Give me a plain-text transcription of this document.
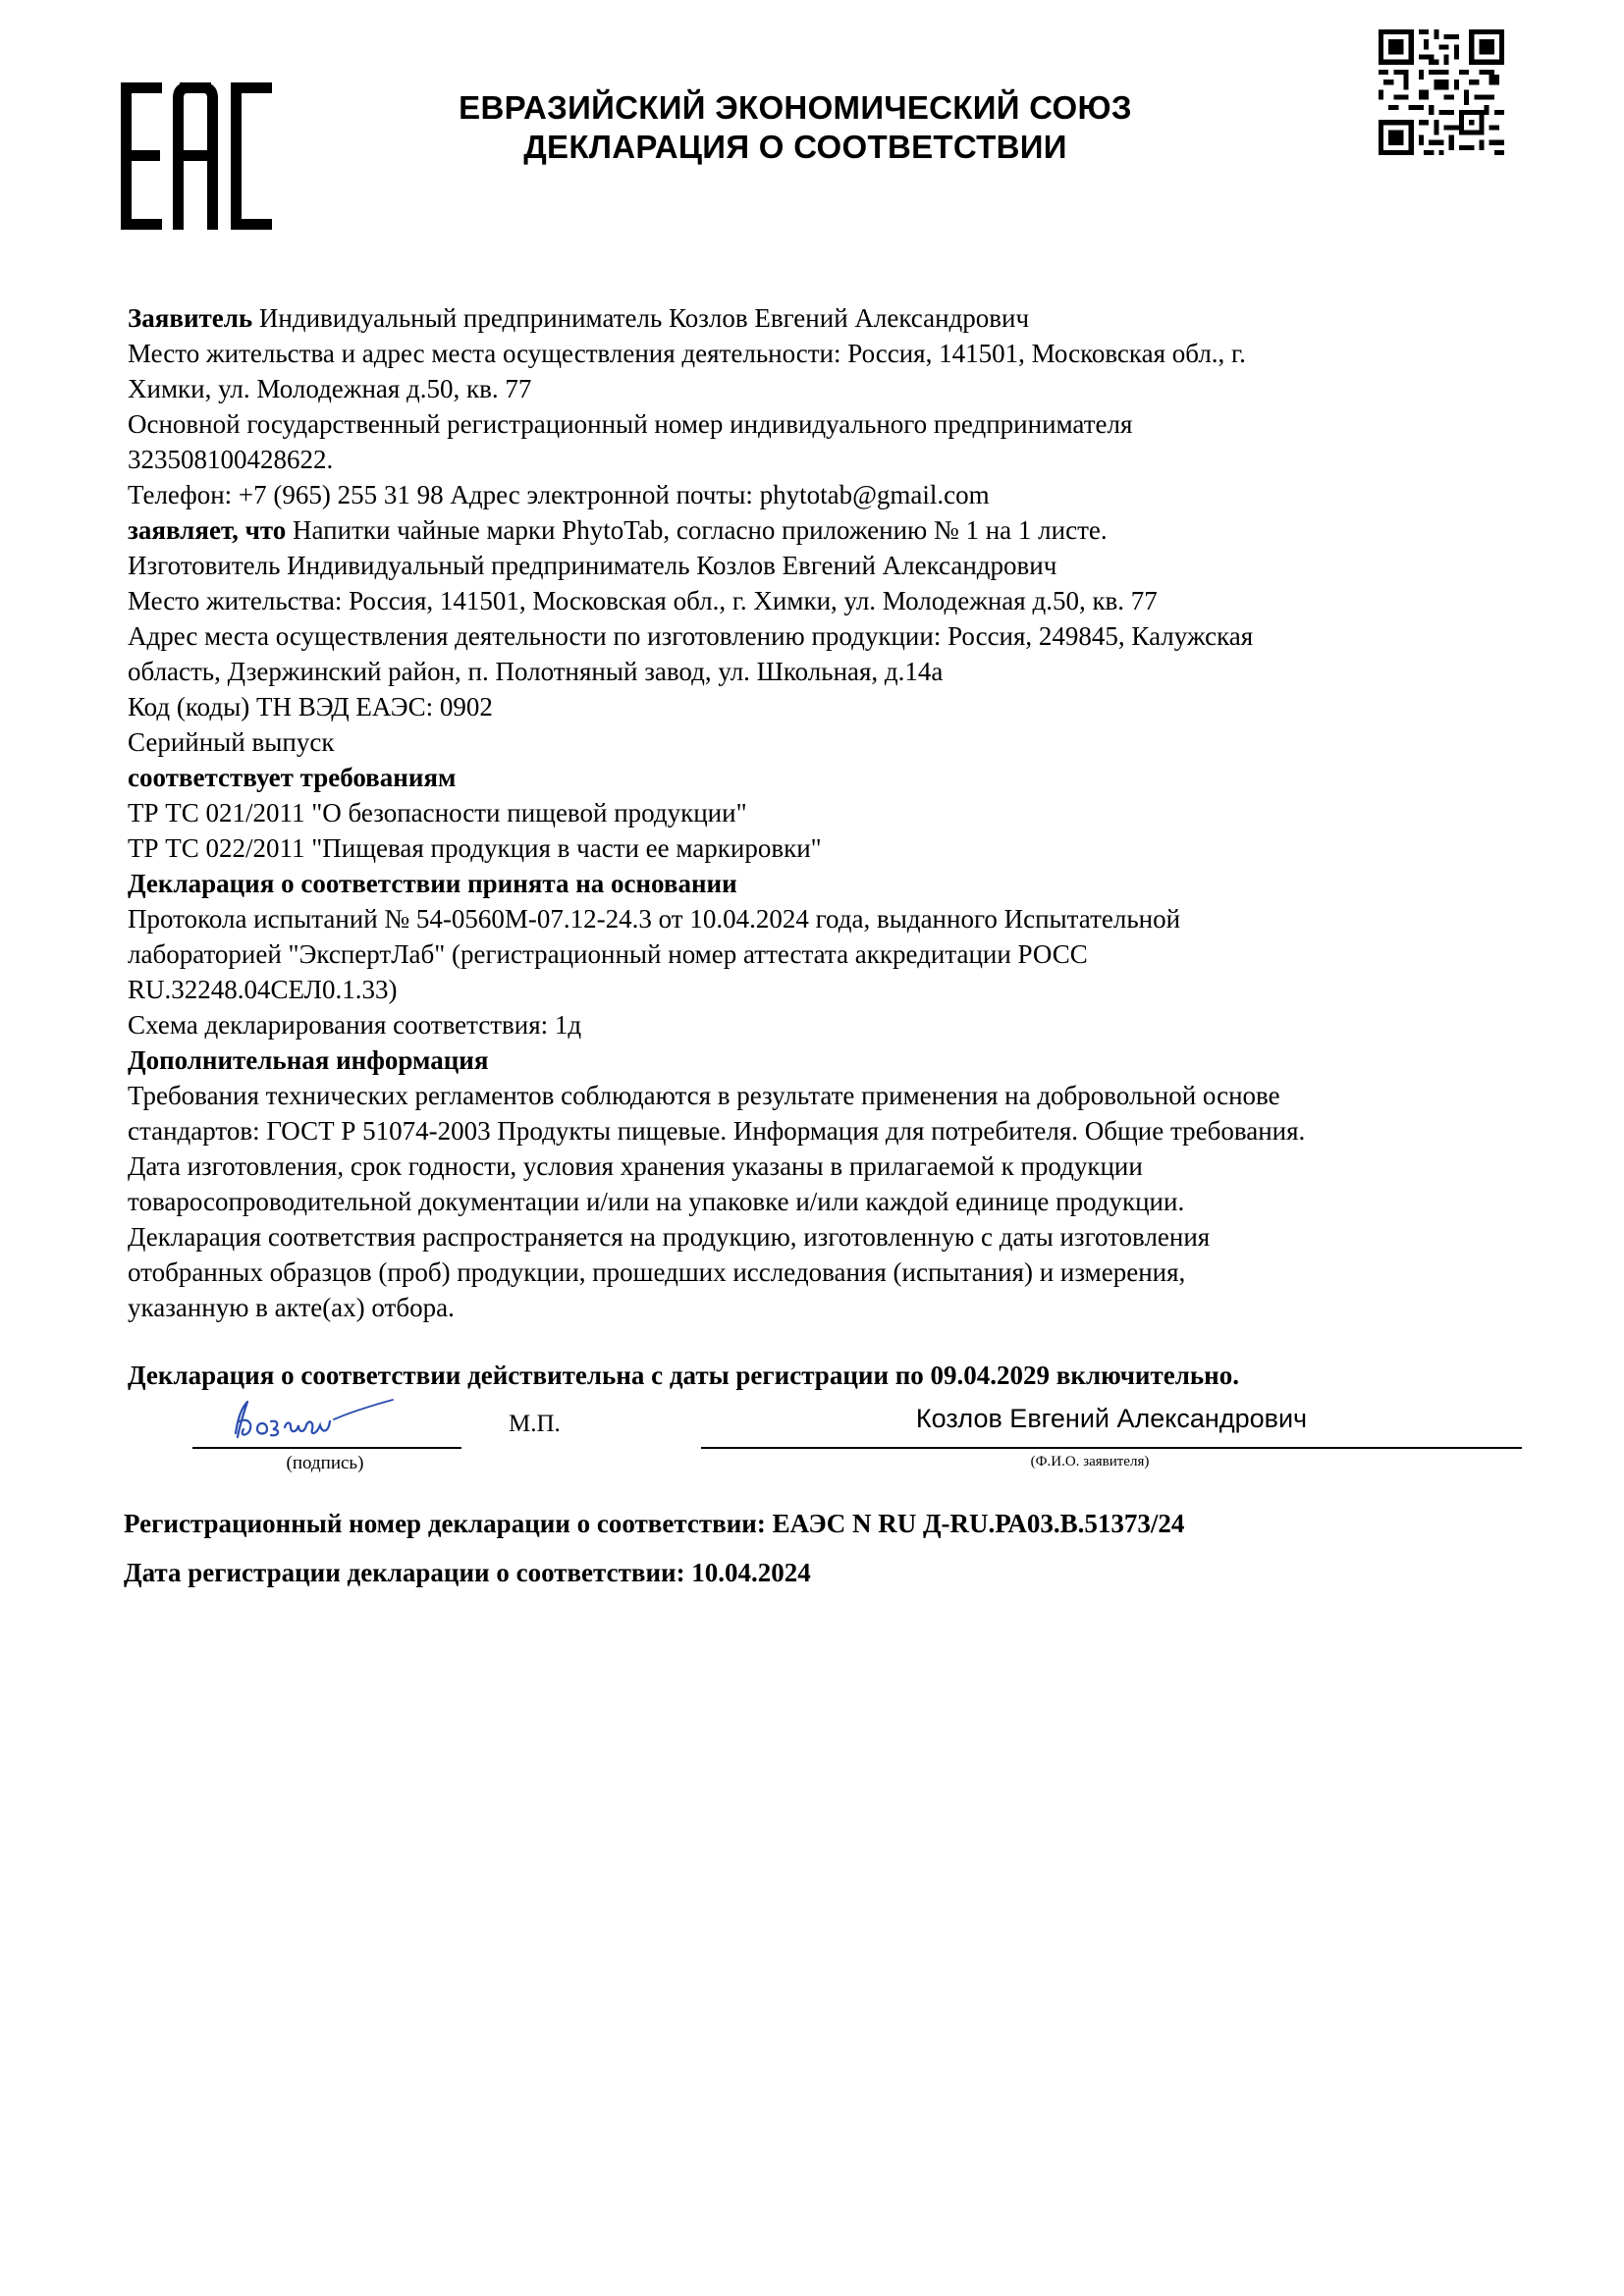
ЕАС
ЕВРАЗИЙСКИЙ ЭКОНОМИЧЕСКИЙ СОЮЗ
ДЕКЛАРАЦИЯ О СООТВЕТСТВИИ

Заявитель Индивидуальный предприниматель Козлов Евгений Александрович

Место жительства и адрес места осуществления деятельности: Россия, 141501, Московская обл., г.

Химки, ул. Молодежная д.50, кв. 77

Основной государственный регистрационный номер индивидуального предпринимателя

323508100428622.

Телефон: +7 (965) 255 31 98 Адрес электронной почты: phytotab@gmail.com

заявляет, что Напитки чайные марки PhytoTab, согласно приложению № 1 на 1 листе.

Изготовитель Индивидуальный предприниматель Козлов Евгений Александрович

Место жительства: Россия, 141501, Московская обл., г. Химки, ул. Молодежная д.50, кв. 77

Адрес места осуществления деятельности по изготовлению продукции: Россия, 249845, Калужская

область, Дзержинский район, п. Полотняный завод, ул. Школьная, д.14а

Код (коды) ТН ВЭД ЕАЭС: 0902

Серийный выпуск

соответствует требованиям

ТР ТС 021/2011 "О безопасности пищевой продукции"

ТР ТС 022/2011 "Пищевая продукция в части ее маркировки"

Декларация о соответствии принята на основании

Протокола испытаний № 54-0560M-07.12-24.3 от 10.04.2024 года, выданного Испытательной

лабораторией "ЭкспертЛаб" (регистрационный номер аттестата аккредитации РОСС

RU.32248.04СЕЛ0.1.33)

Схема декларирования соответствия: 1д

Дополнительная информация

Требования технических регламентов соблюдаются в результате применения на добровольной основе

стандартов: ГОСТ Р 51074-2003 Продукты пищевые. Информация для потребителя. Общие требования.

Дата изготовления, срок годности, условия хранения указаны в прилагаемой к продукции

товаросопроводительной документации и/или на упаковке и/или каждой единице продукции.

Декларация соответствия распространяется на продукцию, изготовленную с даты изготовления

отобранных образцов (проб) продукции, прошедших исследования (испытания) и измерения,

указанную в акте(ах) отбора.

Декларация о соответствии действительна с даты регистрации по 09.04.2029 включительно.
Козлов
(подпись)
М.П.	Козлов Евгений Александрович
(Ф.И.О. заявителя)
Регистрационный номер декларации о соответствии: ЕАЭС N RU Д-RU.РА03.В.51373/24
Дата регистрации декларации о соответствии: 10.04.2024
